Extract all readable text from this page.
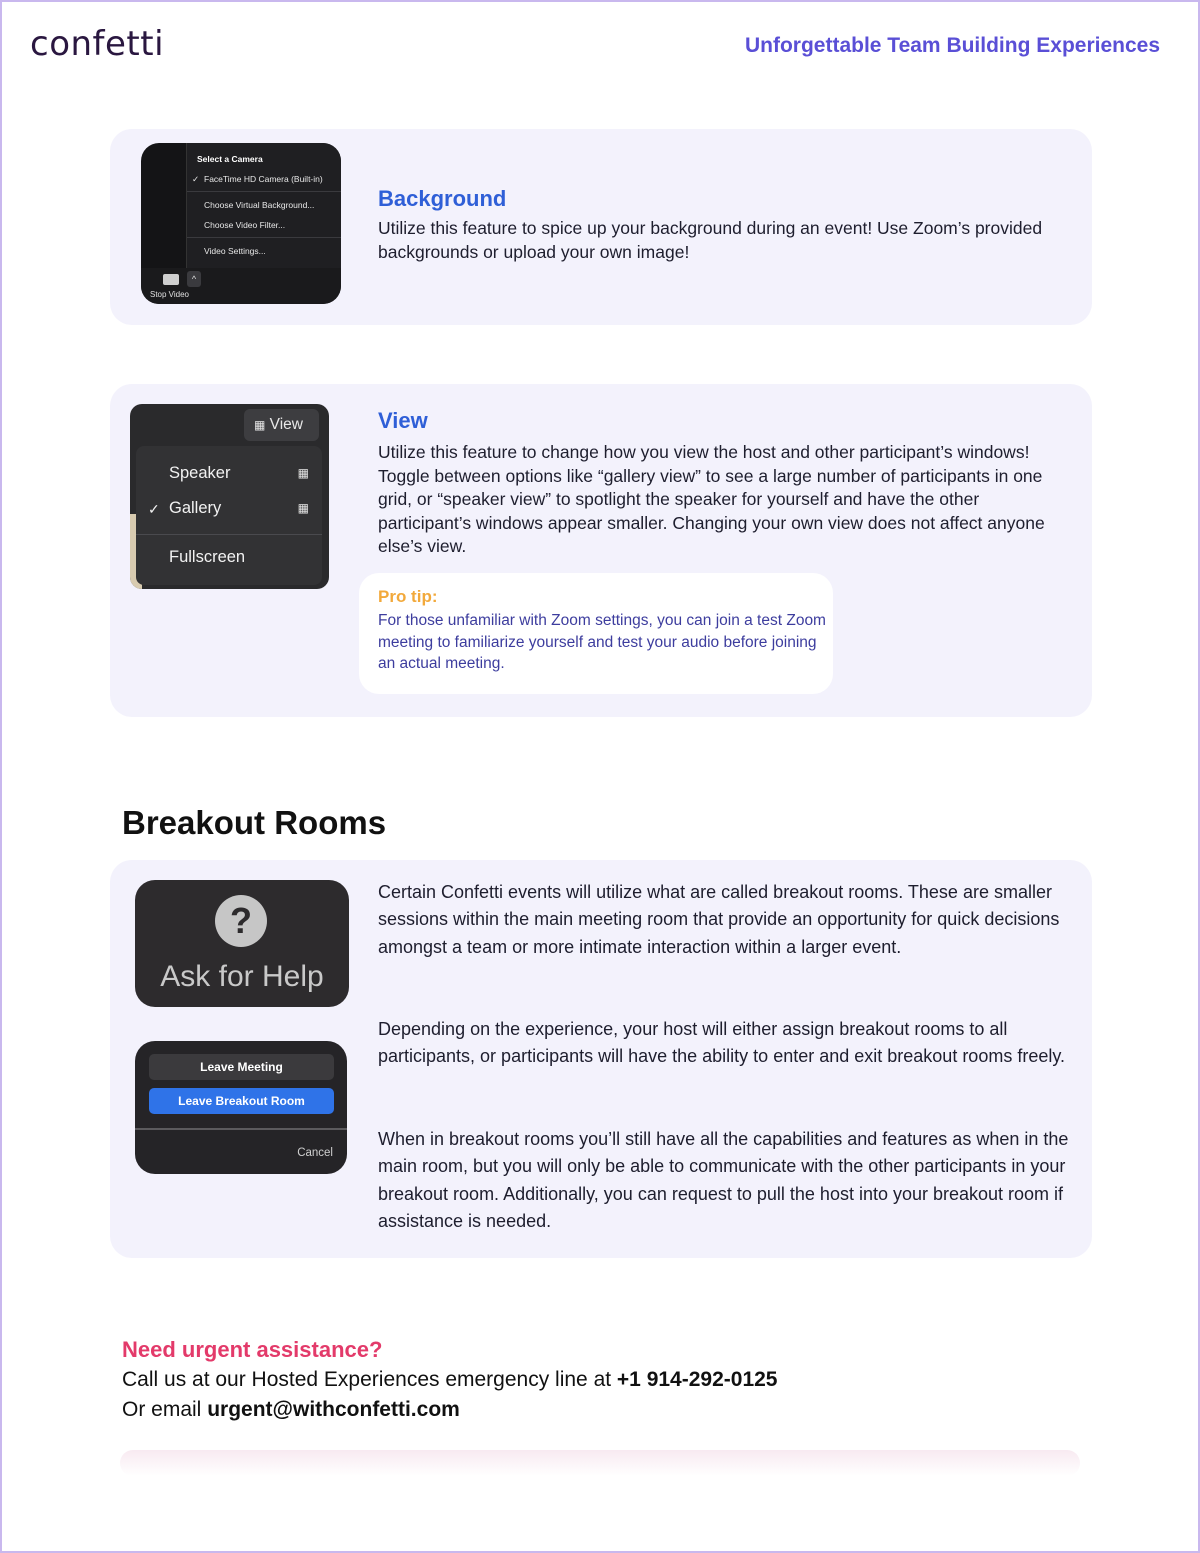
confetti	Unforgettable Team Building Experiences
Select a Camera
✓ FaceTime HD Camera (Built-in)
Choose Virtual Background...
Choose Video Filter...
Video Settings...
^
Stop Video
Background
Utilize this feature to spice up your background during an event! Use Zoom’s provided backgrounds or upload your own image!
▦ View
Speaker	▦
✓ Gallery	▦
Fullscreen
View
Utilize this feature to change how you view the host and other participant’s windows! Toggle between options like “gallery view” to see a large number of participants in one grid, or “speaker view” to spotlight the speaker for yourself and have the other participant’s windows appear smaller. Changing your own view does not affect anyone else’s view.
Pro tip:
For those unfamiliar with Zoom settings, you can join a test Zoom meeting to familiarize yourself and test your audio before joining an actual meeting.
Breakout Rooms
?
Ask for Help
Leave Meeting
Leave Breakout Room
Cancel
Certain Confetti events will utilize what are called breakout rooms. These are smaller sessions within the main meeting room that provide an opportunity for quick decisions amongst a team or more intimate interaction within a larger event.
Depending on the experience, your host will either assign breakout rooms to all participants, or participants will have the ability to enter and exit breakout rooms freely.
When in breakout rooms you’ll still have all the capabilities and features as when in the main room, but you will only be able to communicate with the other participants in your breakout room. Additionally, you can request to pull the host into your breakout room if assistance is needed.
Need urgent assistance?
Call us at our Hosted Experiences emergency line at +1 914-292-0125
Or email urgent@withconfetti.com
